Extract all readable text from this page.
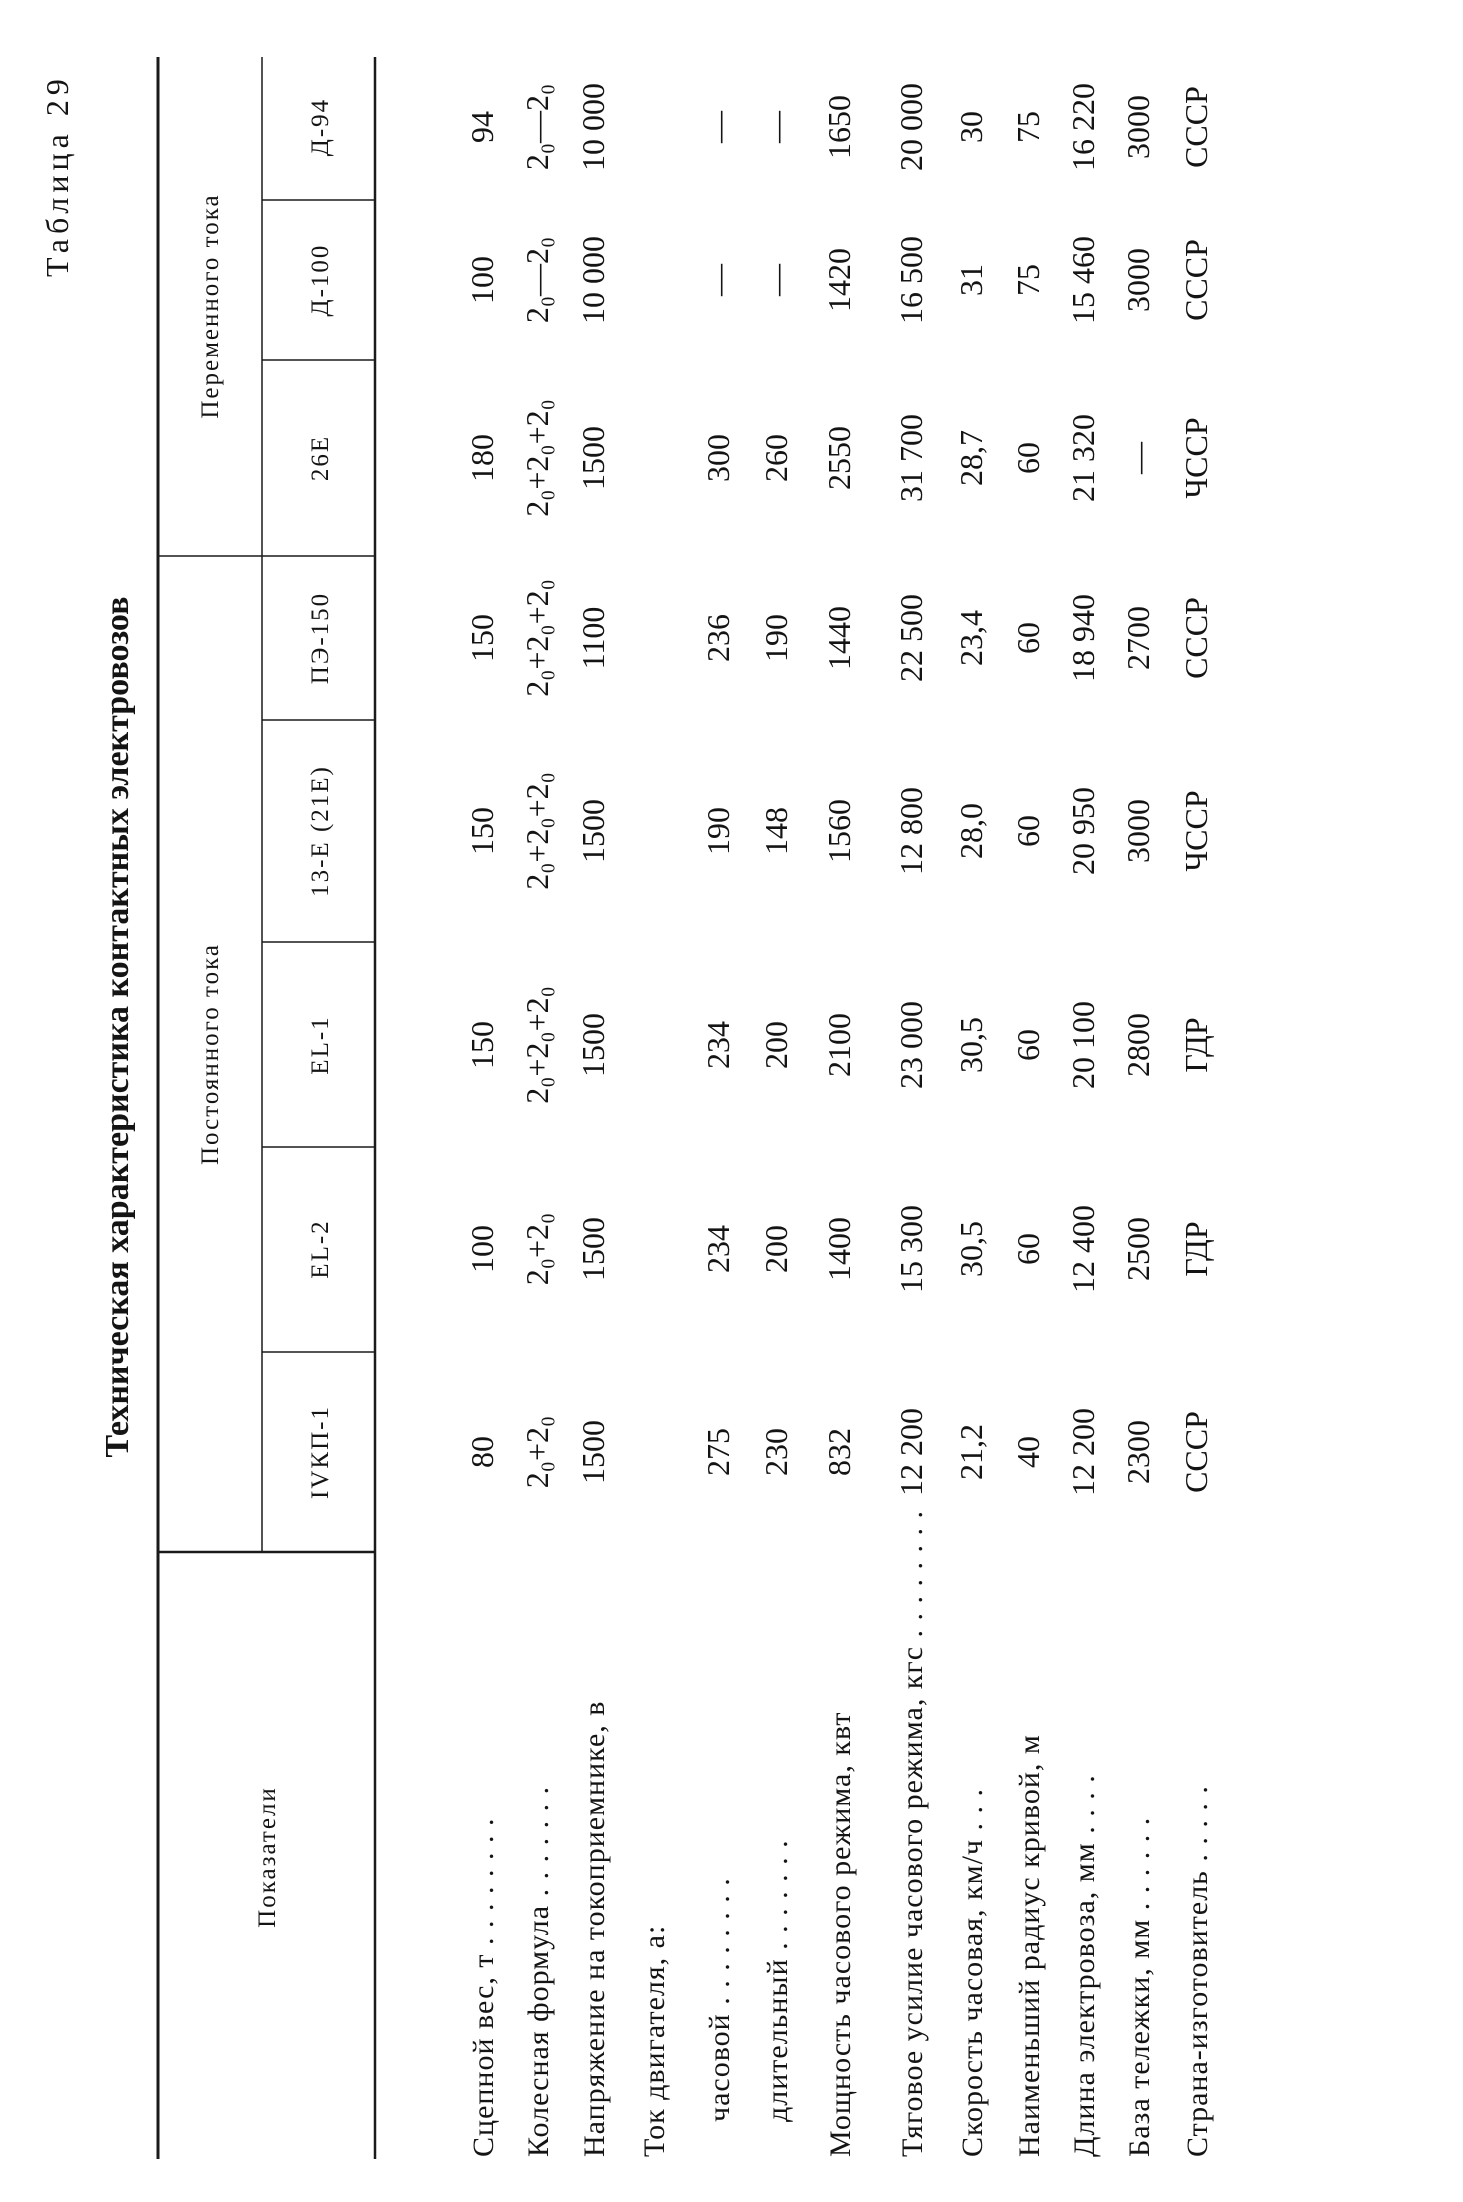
Таблица 29
Техническая характеристика контактных электровозов
Показатели
Постоянного тока
Переменного тока
IVКП-1
EL-2
EL-1
13-E (21E)
ПЭ-150
26E
Д-100
Д-94
Сцепной вес, т . . . . . . . . Колесная формула . . . . . . . Напряжение на токоприемнике, в Ток двигателя, а: часовой . . . . . . . . длительный . . . . . . . Мощность часового режима, квт Тяговое усилие часового режима, кгс . . . . . . . . Скорость часовая, км/ч . . . Наименьший радиус кривой, м Длина электровоза, мм . . . . База тележки, мм . . . . . . Страна-изготовитель . . . . .
80
100
150
150
150
180
100
94
2₀+2₀
2₀+2₀
2₀+2₀+2₀
2₀+2₀+2₀
2₀+2₀+2₀
2₀+2₀+2₀
2₀—2₀
2₀—2₀
1500
1500
1500
1500
1100
1500
10 000
10 000
275
234
234
190
236
300
—
—
230
200
200
148
190
260
—
—
832
1400
2100
1560
1440
2550
1420
1650
12 200
15 300
23 000
12 800
22 500
31 700
16 500
20 000
21,2
30,5
30,5
28,0
23,4
28,7
31
30
40
60
60
60
60
60
75
75
12 200
12 400
20 100
20 950
18 940
21 320
15 460
16 220
2300
2500
2800
3000
2700
—
3000
3000
СССР
ГДР
ГДР
ЧССР
СССР
ЧССР
СССР
СССР
